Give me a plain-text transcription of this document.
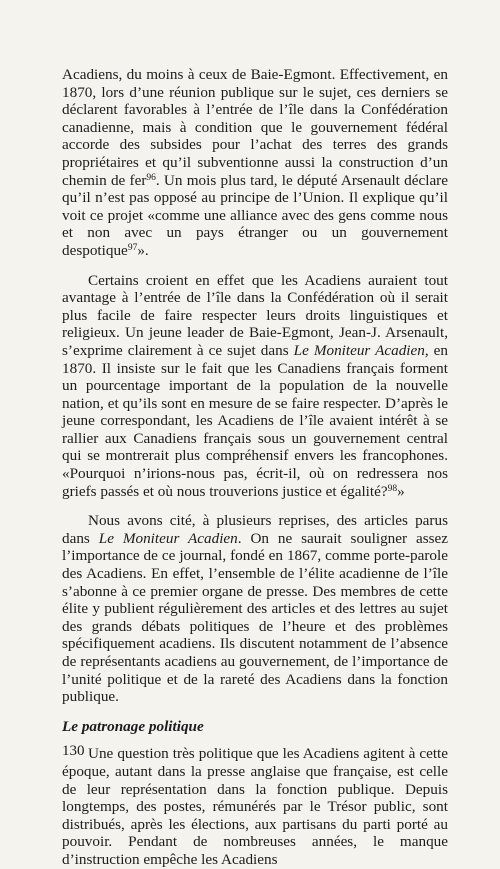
Acadiens, du moins à ceux de Baie-Egmont. Effectivement, en 1870, lors d’une réunion publique sur le sujet, ces derniers se déclarent favorables à l’entrée de l’île dans la Confédération canadienne, mais à condition que le gouvernement fédéral accorde des subsides pour l’achat des terres des grands propriétaires et qu’il subventionne aussi la construction d’un chemin de fer$^{96}$. Un mois plus tard, le député Arsenault déclare qu’il n’est pas opposé au principe de l’Union. Il explique qu’il voit ce projet «comme une alliance avec des gens comme nous et non avec un pays étranger ou un gouvernement despotique$^{97}$».

Certains croient en effet que les Acadiens auraient tout avantage à l’entrée de l’île dans la Confédération où il serait plus facile de faire respecter leurs droits linguistiques et religieux. Un jeune leader de Baie-Egmont, Jean-J. Arsenault, s’exprime clairement à ce sujet dans Le Moniteur Acadien, en 1870. Il insiste sur le fait que les Canadiens français forment un pourcentage important de la population de la nouvelle nation, et qu’ils sont en mesure de se faire respecter. D’après le jeune correspondant, les Acadiens de l’île avaient intérêt à se rallier aux Canadiens français sous un gouvernement central qui se montrerait plus compréhensif envers les francophones. «Pourquoi n’irions-nous pas, écrit-il, où on redressera nos griefs passés et où nous trouverions justice et égalité?$^{98}$»

Nous avons cité, à plusieurs reprises, des articles parus dans Le Moniteur Acadien. On ne saurait souligner assez l’importance de ce journal, fondé en 1867, comme porte-parole des Acadiens. En effet, l’ensemble de l’élite acadienne de l’île s’abonne à ce premier organe de presse. Des membres de cette élite y publient régulièrement des articles et des lettres au sujet des grands débats politiques de l’heure et des problèmes spécifiquement acadiens. Ils discutent notamment de l’absence de représentants acadiens au gouvernement, de l’importance de l’unité politique et de la rareté des Acadiens dans la fonction publique.

Le patronage politique

Une question très politique que les Acadiens agitent à cette époque, autant dans la presse anglaise que française, est celle de leur représentation dans la fonction publique. Depuis longtemps, des postes, rémunérés par le Trésor public, sont distribués, après les élections, aux partisans du parti porté au pouvoir. Pendant de nombreuses années, le manque d’instruction empêche les Acadiens

130
